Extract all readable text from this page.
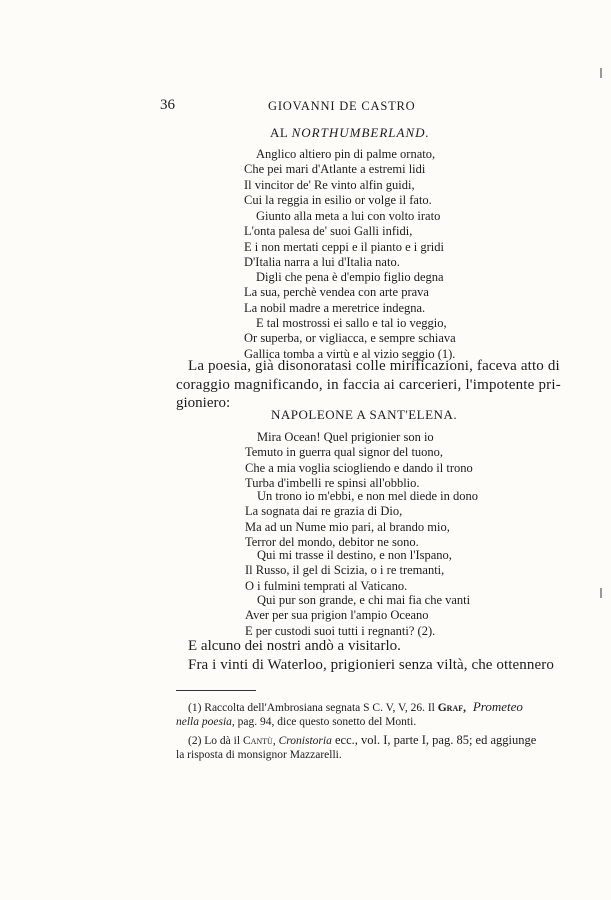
36	GIOVANNI DE CASTRO
AL NORTHUMBERLAND.
Anglico altiero pin di palme ornato,
Che pei mari d'Atlante a estremi lidi
Il vincitor de' Re vinto alfin guidi,
Cui la reggia in esilio or volge il fato.
Giunto alla meta a lui con volto irato
L'onta palesa de' suoi Galli infidi,
E i non mertati ceppi e il pianto e i gridi
D'Italia narra a lui d'Italia nato.
Digli che pena è d'empio figlio degna
La sua, perchè vendea con arte prava
La nobil madre a meretrice indegna.
E tal mostrossi ei sallo e tal io veggio,
Or superba, or vigliacca, e sempre schiava
Gallica tomba a virtù e al vizio seggio (1).
La poesia, già disonoratasi colle mirificazioni, faceva atto di
coraggio magnificando, in faccia ai carcerieri, l'impotente pri-
gioniero:
NAPOLEONE A SANT'ELENA.
Mira Ocean! Quel prigionier son io
Temuto in guerra qual signor del tuono,
Che a mia voglia sciogliendo e dando il trono
Turba d'imbelli re spinsi all'obblio.
Un trono io m'ebbi, e non mel diede in dono
La sognata dai re grazia di Dio,
Ma ad un Nume mio pari, al brando mio,
Terror del mondo, debitor ne sono.
Qui mi trasse il destino, e non l'Ispano,
Il Russo, il gel di Scizia, o i re tremanti,
O i fulmini temprati al Vaticano.
Qui pur son grande, e chi mai fia che vanti
Aver per sua prigion l'ampio Oceano
E per custodi suoi tutti i regnanti? (2).
E alcuno dei nostri andò a visitarlo.
Fra i vinti di Waterloo, prigionieri senza viltà, che ottennero
(1) Raccolta dell'Ambrosiana segnata S C. V, V, 26. Il Graf, Prometeo
nella poesia, pag. 94, dice questo sonetto del Monti.
(2) Lo dà il Cantù, Cronistoria ecc., vol. I, parte I, pag. 85; ed aggiunge
la risposta di monsignor Mazzarelli.
